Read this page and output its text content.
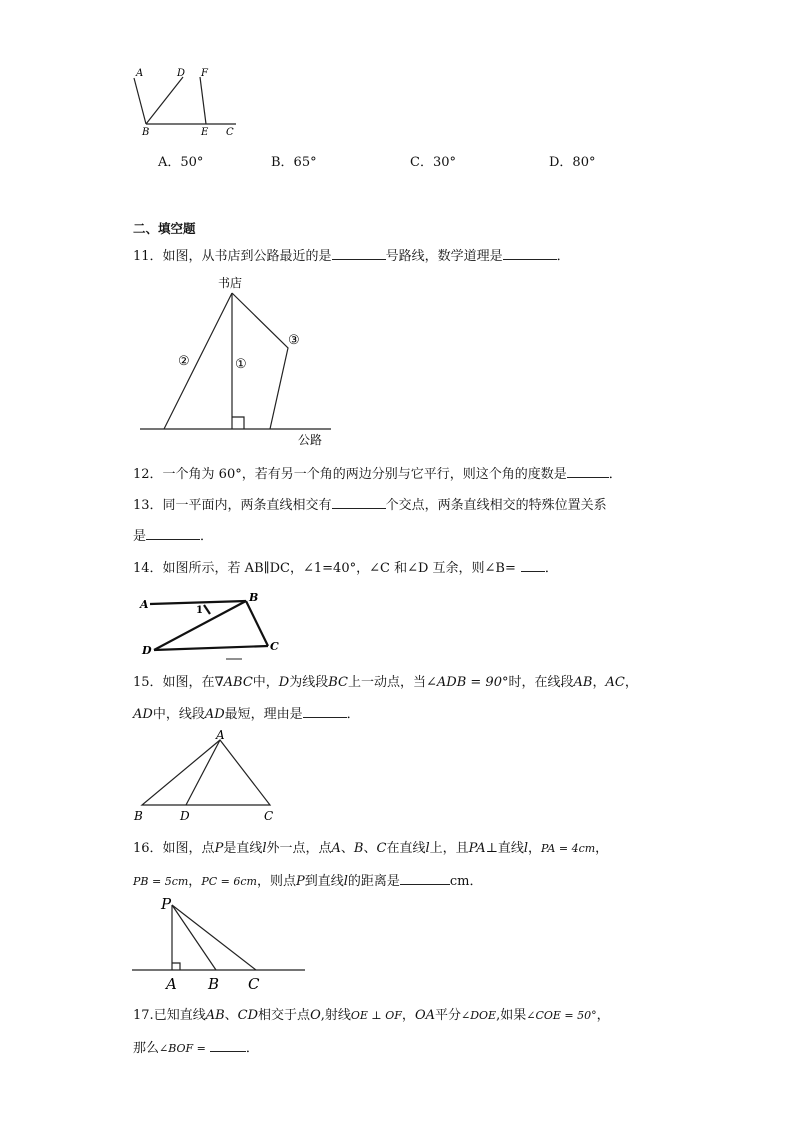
A	D F
B	E C
A．50°	B．65°	C．30°	D．80°
二、填空题
11．如图，从书店到公路最近的是	号路线，数学道理是	．
书店
公路
①
②
③
12．一个角为 60°，若有另一个角的两边分别与它平行，则这个角的度数是	．
13．同一平面内，两条直线相交有	个交点，两条直线相交的特殊位置关系
是	．
14．如图所示，若 AB∥DC，∠1=40°，∠C 和∠D 互余，则∠B= ．
A
B
C
D
1
—
15．如图，在∇ABC中，D为线段BC上一动点，当∠ADB = 90°时，在线段AB，AC，
AD中，线段AD最短，理由是	．
A
B	D	C
16．如图，点P是直线l外一点，点A、B、C在直线l上，且PA⊥直线l，PA = 4cm，
PB = 5cm，PC = 6cm，则点P到直线l的距离是	cm．
P
A B C
17.已知直线AB、CD相交于点O,射线OE ⊥ OF，OA平分∠DOE,如果∠COE = 50°，
那么∠BOF =	．
